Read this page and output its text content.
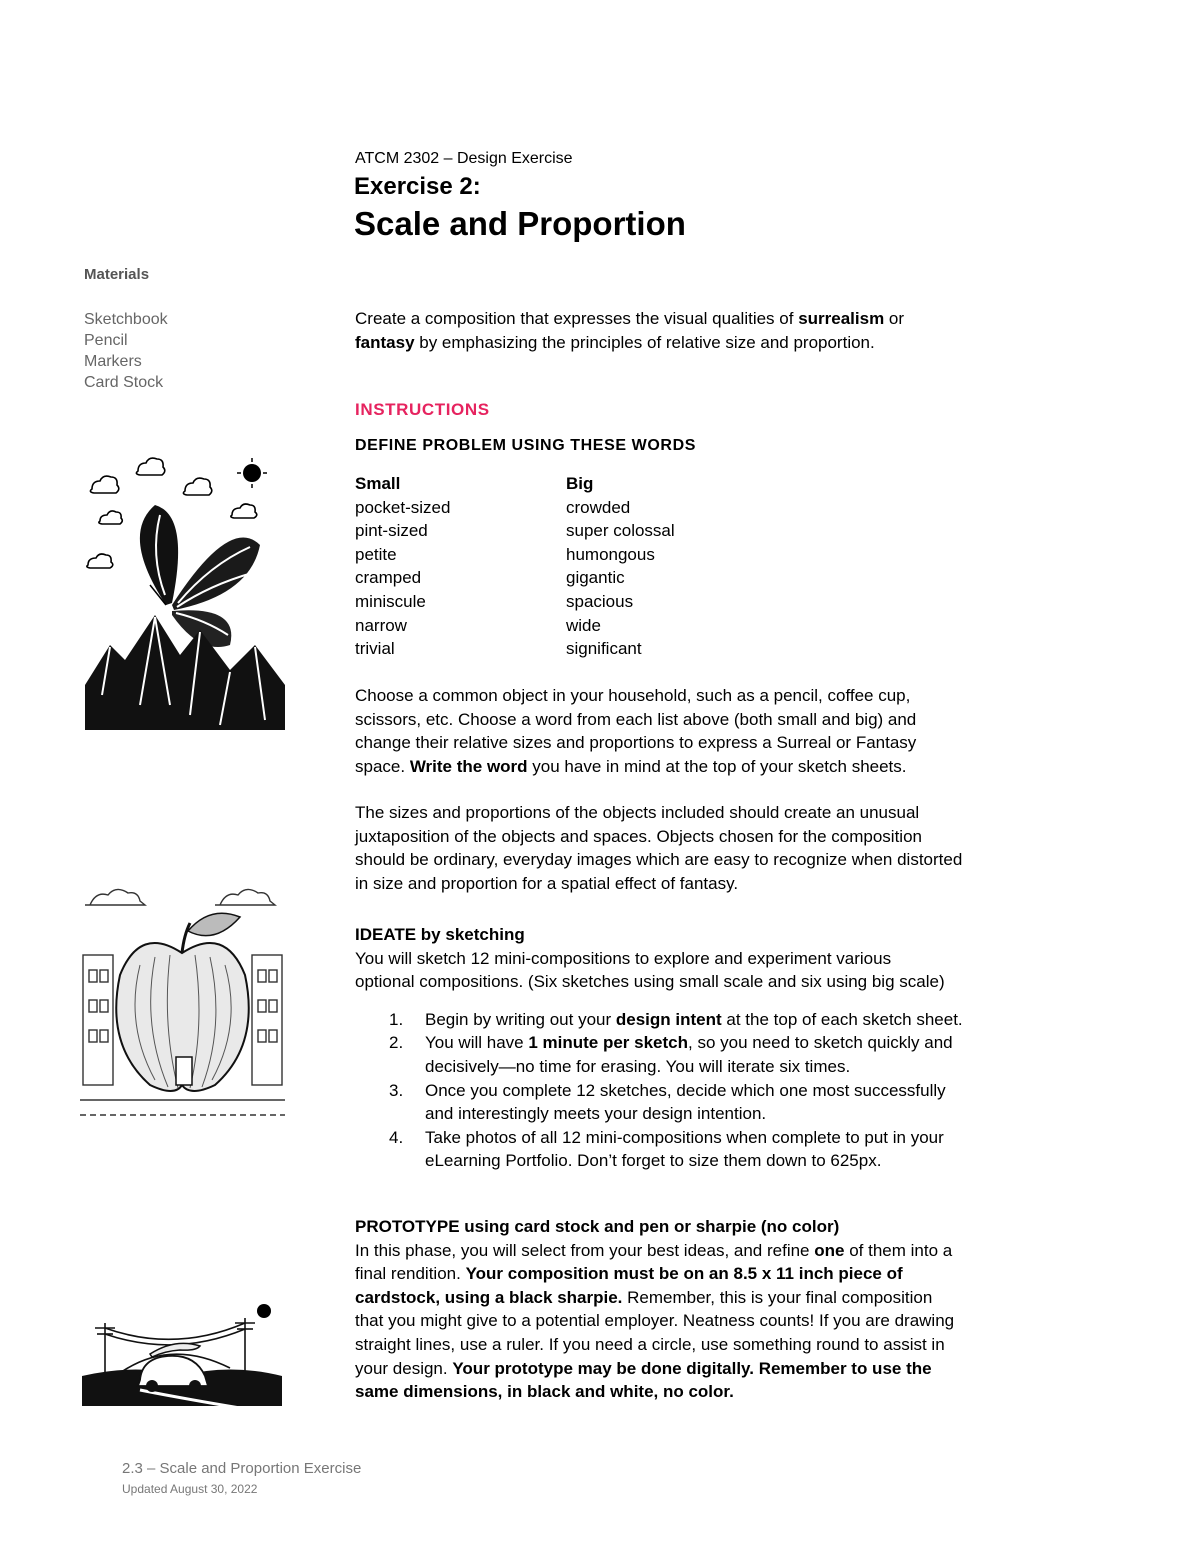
ATCM 2302 – Design Exercise
Exercise 2:
Scale and Proportion
Materials
Sketchbook
Pencil
Markers
Card Stock

Create a composition that expresses the visual qualities of surrealism or

fantasy by emphasizing the principles of relative size and proportion.

INSTRUCTIONS
DEFINE PROBLEM USING THESE WORDS
Small
pocket-sized
pint-sized
petite
cramped
miniscule
narrow
trivial
Big
crowded
super colossal
humongous
gigantic
spacious
wide
significant

Choose a common object in your household, such as a pencil, coffee cup,

scissors, etc. Choose a word from each list above (both small and big) and

change their relative sizes and proportions to express a Surreal or Fantasy

space. Write the word you have in mind at the top of your sketch sheets.

The sizes and proportions of the objects included should create an unusual

juxtaposition of the objects and spaces. Objects chosen for the composition

should be ordinary, everyday images which are easy to recognize when distorted

in size and proportion for a spatial effect of fantasy.

IDEATE by sketching

You will sketch 12 mini-compositions to explore and experiment various

optional compositions. (Six sketches using small scale and six using big scale)

1. Begin by writing out your design intent at the top of each sketch sheet.
2. You will have 1 minute per sketch, so you need to sketch quickly and
decisively—no time for erasing. You will iterate six times.
3. Once you complete 12 sketches, decide which one most successfully
and interestingly meets your design intention.
4. Take photos of all 12 mini-compositions when complete to put in your
eLearning Portfolio. Don’t forget to size them down to 625px.

PROTOTYPE using card stock and pen or sharpie (no color)

In this phase, you will select from your best ideas, and refine one of them into a

final rendition. Your composition must be on an 8.5 x 11 inch piece of

cardstock, using a black sharpie. Remember, this is your final composition

that you might give to a potential employer. Neatness counts! If you are drawing

straight lines, use a ruler. If you need a circle, use something round to assist in

your design. Your prototype may be done digitally. Remember to use the

same dimensions, in black and white, no color.

2.3 – Scale and Proportion Exercise
Updated August 30, 2022
